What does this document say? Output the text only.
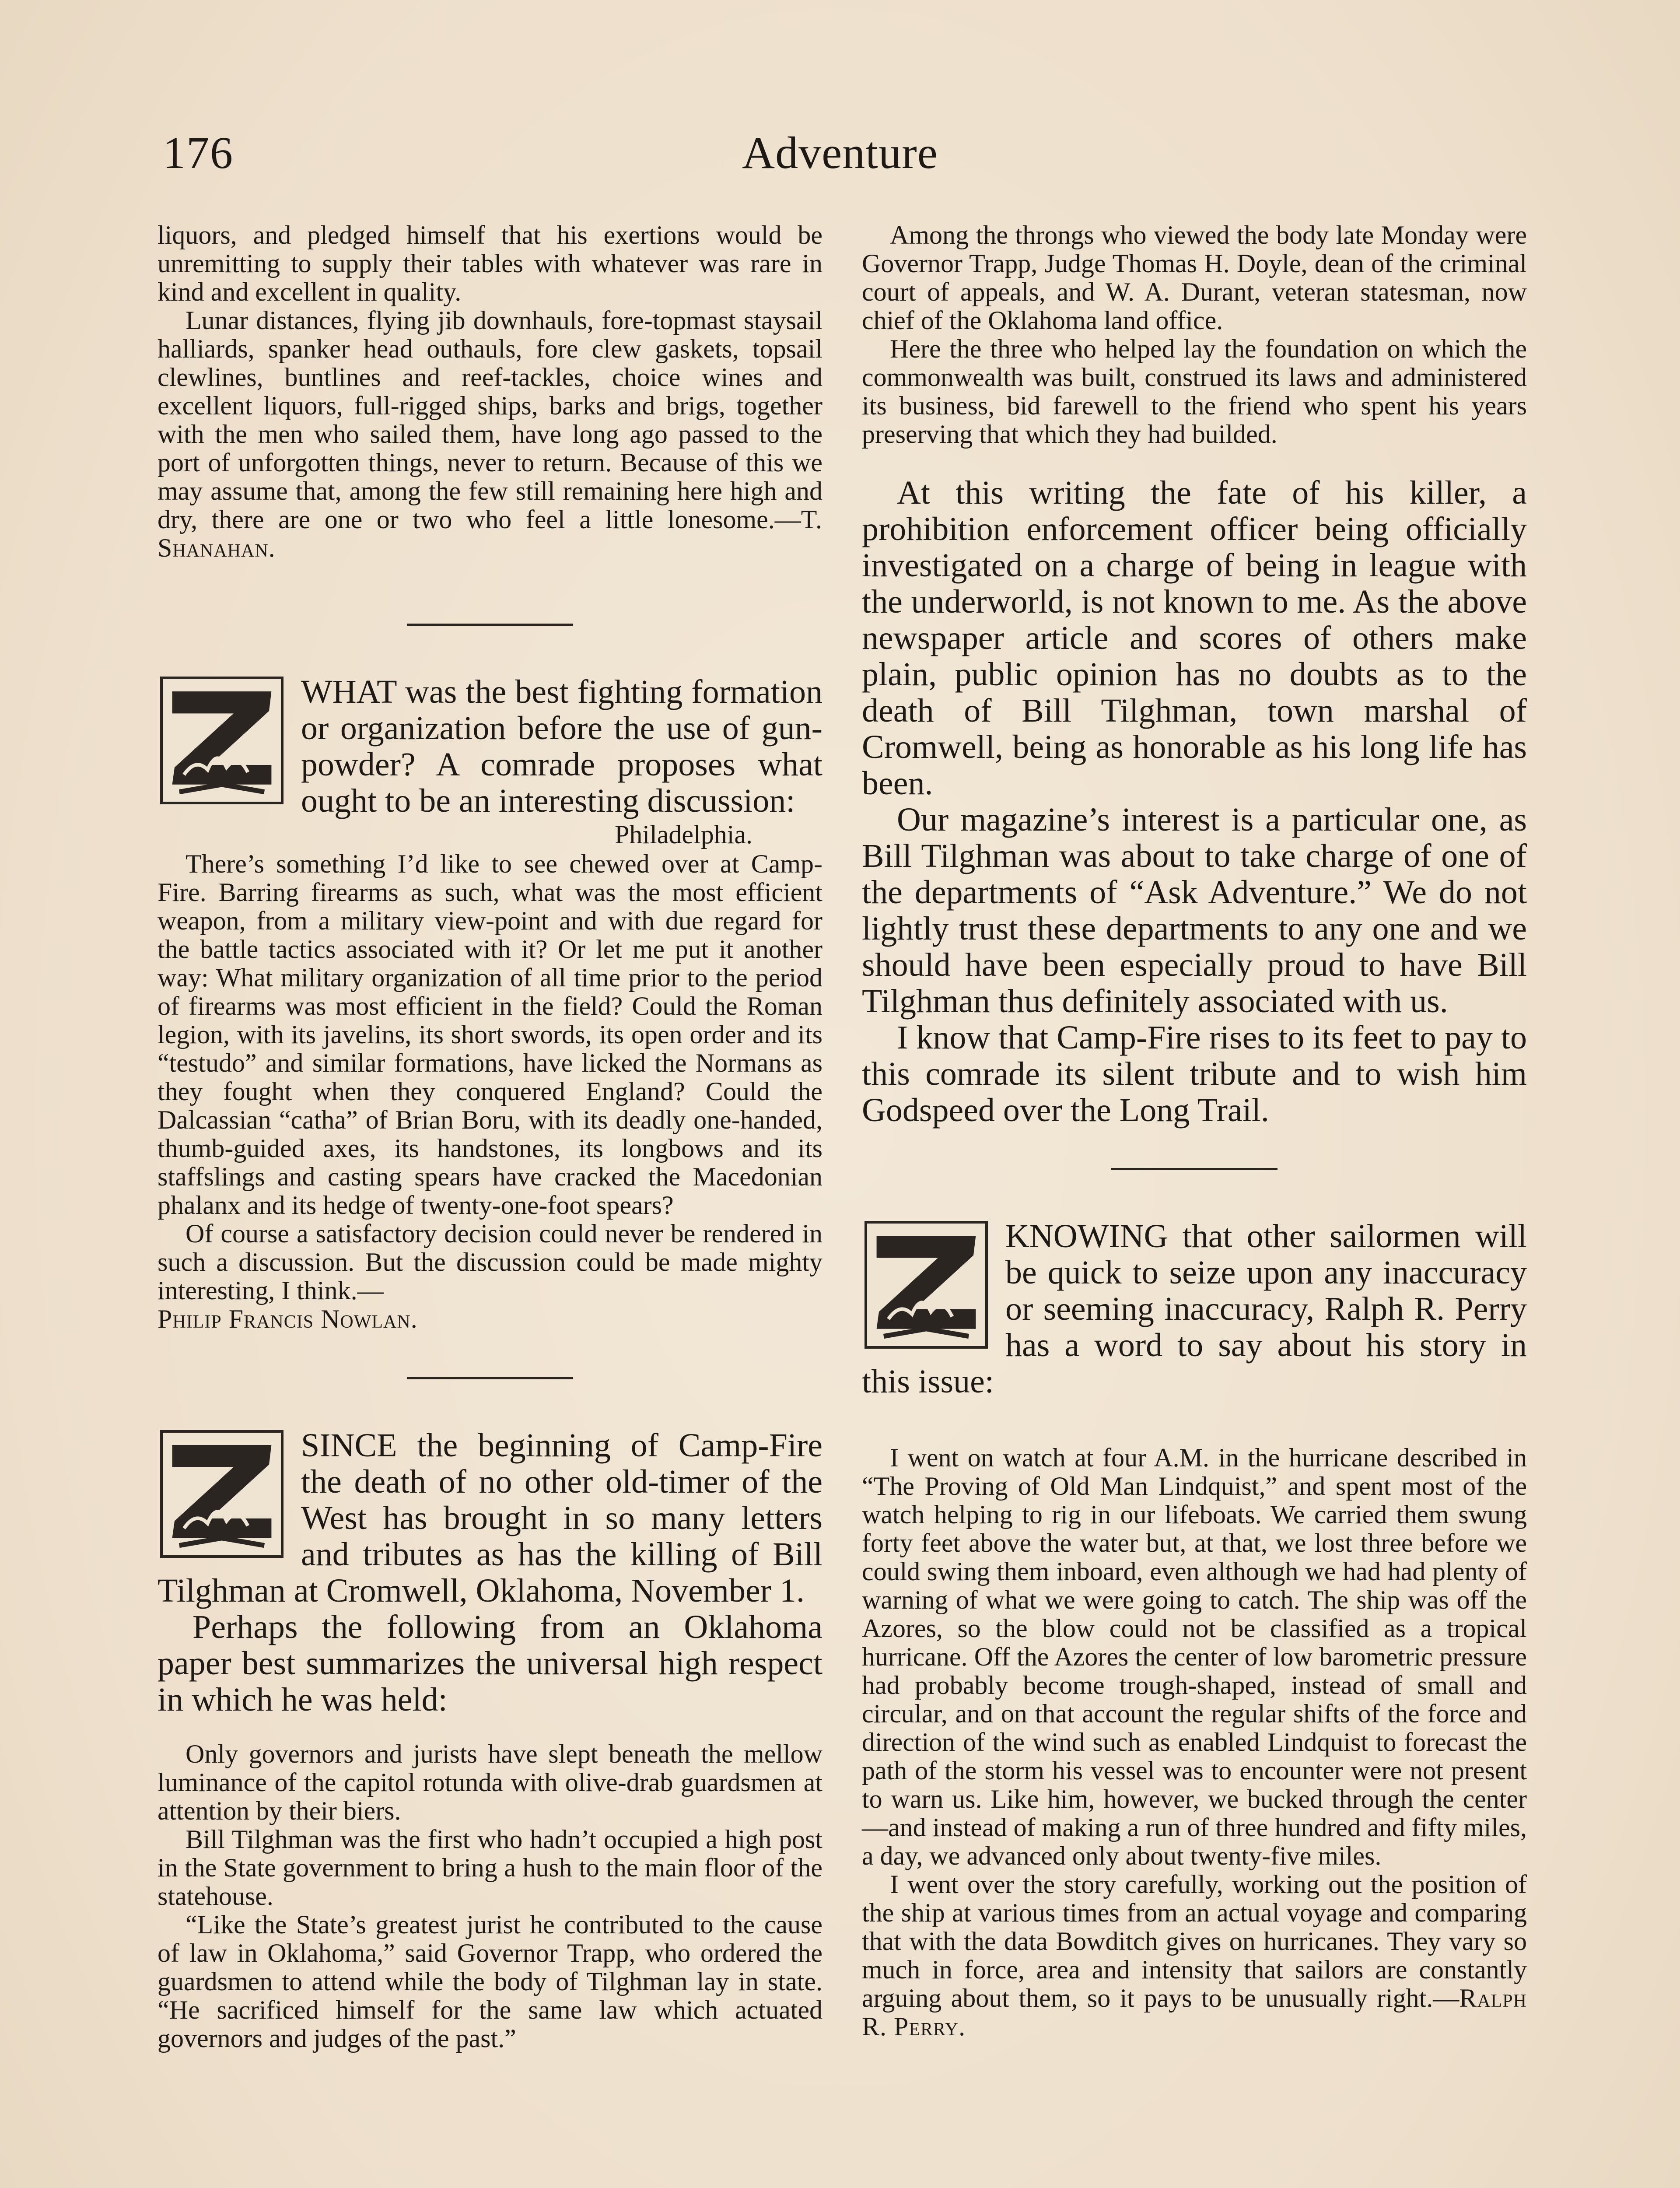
176	Adventure

liquors, and pledged himself that his exertions would be unremitting to supply their tables with whatever was rare in kind and excellent in quality.

Lunar distances, flying jib downhauls, fore-topmast staysail halliards, spanker head outhauls, fore clew gaskets, topsail clewlines, buntlines and reef-tackles, choice wines and excellent liquors, full-rigged ships, barks and brigs, together with the men who sailed them, have long ago passed to the port of unforgotten things, never to return. Because of this we may assume that, among the few still remaining here high and dry, there are one or two who feel a little lonesome.—T. Shanahan.

WHAT was the best fighting formation or organization before the use of gun-powder? A comrade proposes what ought to be an interesting discussion:

Philadelphia.

There’s something I’d like to see chewed over at Camp-Fire. Barring firearms as such, what was the most efficient weapon, from a military view-point and with due regard for the battle tactics associated with it? Or let me put it another way: What military organization of all time prior to the period of firearms was most efficient in the field? Could the Roman legion, with its javelins, its short swords, its open order and its “testudo” and similar formations, have licked the Normans as they fought when they conquered England? Could the Dalcassian “catha” of Brian Boru, with its deadly one-handed, thumb-guided axes, its handstones, its longbows and its staffslings and casting spears have cracked the Macedonian phalanx and its hedge of twenty-one-foot spears?

Of course a satisfactory decision could never be rendered in such a discussion. But the discussion could be made mighty interesting, I think.—
Philip Francis Nowlan.

SINCE the beginning of Camp-Fire the death of no other old-timer of the West has brought in so many letters and tributes as has the killing of Bill Tilghman at Cromwell, Oklahoma, November 1.

Perhaps the following from an Oklahoma paper best summarizes the universal high respect in which he was held:

Only governors and jurists have slept beneath the mellow luminance of the capitol rotunda with olive-drab guardsmen at attention by their biers.

Bill Tilghman was the first who hadn’t occupied a high post in the State government to bring a hush to the main floor of the statehouse.

“Like the State’s greatest jurist he contributed to the cause of law in Oklahoma,” said Governor Trapp, who ordered the guardsmen to attend while the body of Tilghman lay in state. “He sacrificed himself for the same law which actuated governors and judges of the past.”

Among the throngs who viewed the body late Monday were Governor Trapp, Judge Thomas H. Doyle, dean of the criminal court of appeals, and W. A. Durant, veteran statesman, now chief of the Oklahoma land office.

Here the three who helped lay the foundation on which the commonwealth was built, construed its laws and administered its business, bid farewell to the friend who spent his years preserving that which they had builded.

At this writing the fate of his killer, a prohibition enforcement officer being officially investigated on a charge of being in league with the underworld, is not known to me. As the above newspaper article and scores of others make plain, public opinion has no doubts as to the death of Bill Tilghman, town marshal of Cromwell, being as honorable as his long life has been.

Our magazine’s interest is a particular one, as Bill Tilghman was about to take charge of one of the departments of “Ask Adventure.” We do not lightly trust these departments to any one and we should have been especially proud to have Bill Tilghman thus definitely associated with us.

I know that Camp-Fire rises to its feet to pay to this comrade its silent tribute and to wish him Godspeed over the Long Trail.

KNOWING that other sailormen will be quick to seize upon any inaccuracy or seeming inaccuracy, Ralph R. Perry has a word to say about his story in this issue:

I went on watch at four A.M. in the hurricane described in “The Proving of Old Man Lindquist,” and spent most of the watch helping to rig in our lifeboats. We carried them swung forty feet above the water but, at that, we lost three before we could swing them inboard, even although we had had plenty of warning of what we were going to catch. The ship was off the Azores, so the blow could not be classified as a tropical hurricane. Off the Azores the center of low barometric pressure had probably become trough-shaped, instead of small and circular, and on that account the regular shifts of the force and direction of the wind such as enabled Lindquist to forecast the path of the storm his vessel was to encounter were not present to warn us. Like him, however, we bucked through the center —and instead of making a run of three hundred and fifty miles, a day, we advanced only about twenty-five miles.

I went over the story carefully, working out the position of the ship at various times from an actual voyage and comparing that with the data Bowditch gives on hurricanes. They vary so much in force, area and intensity that sailors are constantly arguing about them, so it pays to be unusually right.—Ralph R. Perry.
